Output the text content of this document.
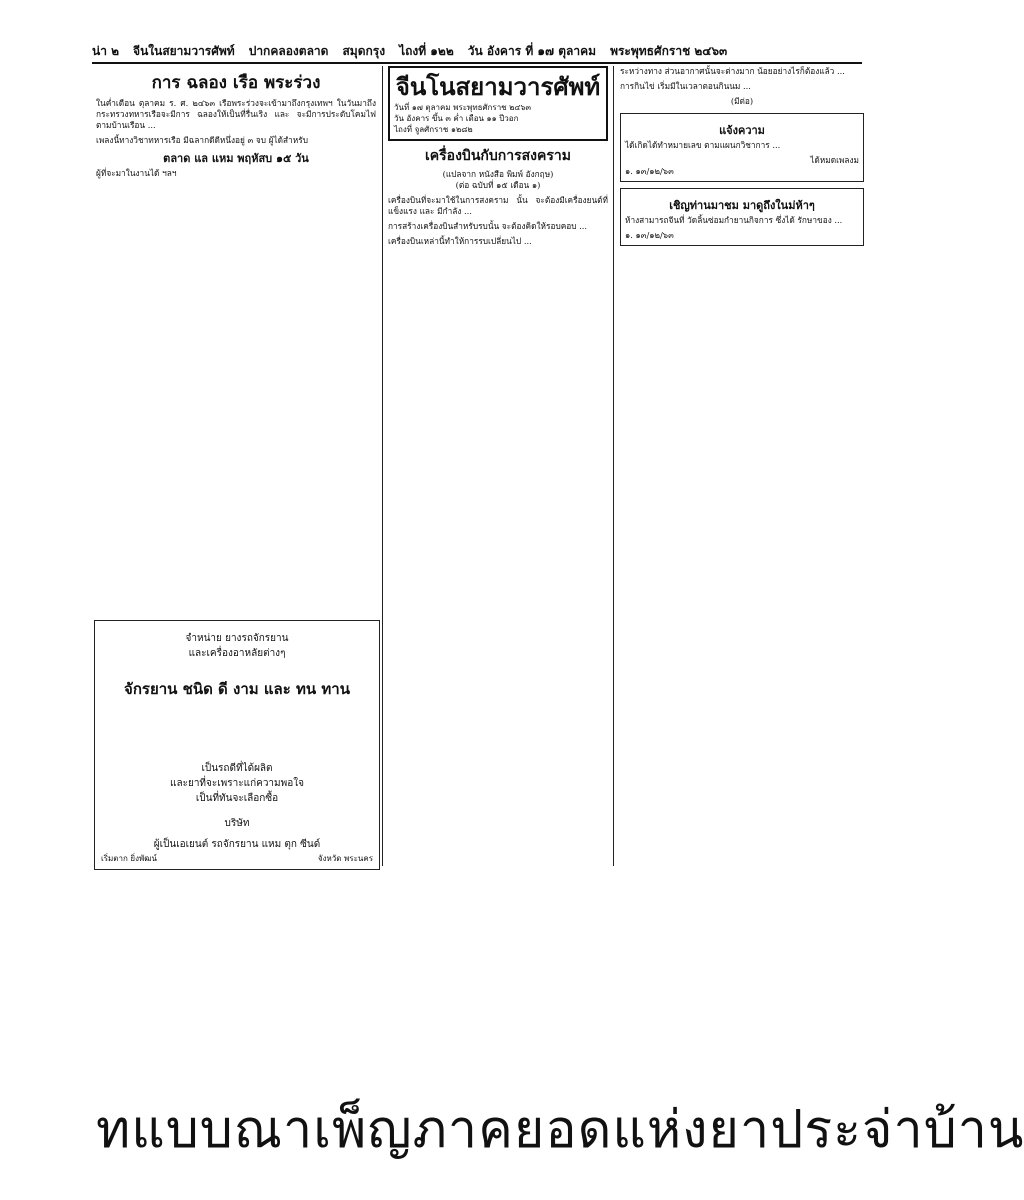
น่า ๒ จีนในสยามวารศัพท์ ปากคลองตลาด สมุดกรุง ไถงที่ ๑๒๒ วัน อังคาร ที่ ๑๗ ตุลาคม พระพุทธศักราช ๒๔๖๓
การ ฉลอง เรือ พระร่วง

ในค่ำเดือน ตุลาคม ร. ศ. ๒๔๖๓ เรือพระร่วงจะเข้ามาถึงกรุงเทพฯ ในวันมาถึงกระทรวงทหารเรือจะมีการ ฉลองให้เป็นที่รื่นเริง และ จะมีการประดับโคมไฟตามบ้านเรือน ...

เพลงนี้ทางวิชาทหารเรือ มีฉลากดีดีหนึ่งอยู่ ๓ จบ ผู้ได้สำหรับ

ตลาด แล แหม พฤหัสบ ๑๕ วัน

ผู้ที่จะมาในงานได้ ฯลฯ

จำหน่าย ยางรถจักรยาน
และเครื่องอาหลัยต่างๆ
จักรยาน ชนิด ดี งาม และ ทน ทาน
เป็นรถดีที่ได้ผลิต
และยาที่จะเพราะแก่ความพอใจ
เป็นที่ทันจะเลือกซื้อ
บริษัท
ผู้เป็นเอเยนต์ รถจักรยาน แหม ตุก ซีนด์
เริ่มตาก ยิ่งพัฒน์	จังหวัด พระนคร
จีนโนสยามวารศัพท์
วันที่ ๑๗ ตุลาคม พระพุทธศักราช ๒๔๖๓
วัน อังคาร ขึ้น ๓ ค่ำ เดือน ๑๑ ปีวอก
ไถงที่ จูลศักราช ๑๒๘๒
เครื่องบินกับการสงคราม
(แปลจาก หนังสือ พิมพ์ อังกฤษ)
(ต่อ ฉบับที่ ๑๕ เดือน ๑)

เครื่องบินที่จะมาใช้ในการสงคราม นั้น จะต้องมีเครื่องยนต์ที่แข็งแรง และ มีกำลัง ...

การสร้างเครื่องบินสำหรับรบนั้น จะต้องคิดให้รอบคอบ ...

เครื่องบินเหล่านี้ทำให้การรบเปลี่ยนไป ...

ระหว่างทาง ส่วนอากาศนั้นจะต่างมาก น้อยอย่างไรก็ต้องแล้ว ...

การกินไข่ เริ่มมีในเวลาตอนกินนม ...

(มีต่อ)
แจ้งความ

ได้เกิดได้ทำหมายเลข ตามแผนกวิชาการ ...

ได้หมดเพลงม
๑. ๑๓/๑๒/๖๓
เชิญท่านมาชม มาดูถึงในม่ห้าๆ

ห้างสามารถจีนที่ วัดลิ้นซ่อมกำยานกิจการ ซึ่งได้ รักษาของ ...

๑. ๑๓/๑๒/๖๓
ทแบบณาเพ็ญภาคยอดแห่งยาประจ่าบ้าน
